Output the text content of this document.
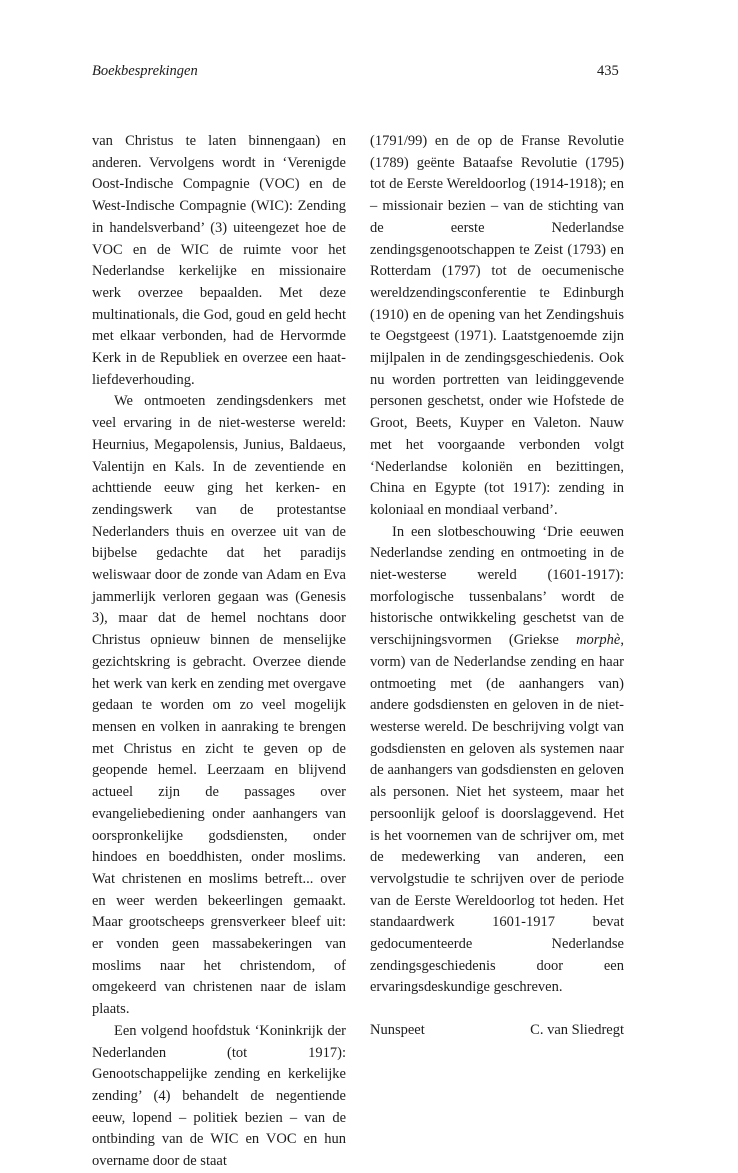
Boekbesprekingen	435

van Christus te laten binnengaan) en anderen. Vervolgens wordt in ‘Verenigde Oost-Indische Compagnie (VOC) en de West-Indische Compagnie (WIC): Zending in handelsverband’ (3) uiteengezet hoe de VOC en de WIC de ruimte voor het Nederlandse kerkelijke en missionaire werk overzee bepaalden. Met deze multinationals, die God, goud en geld hecht met elkaar verbonden, had de Hervormde Kerk in de Republiek en overzee een haat-liefdeverhouding.

We ontmoeten zendingsdenkers met veel ervaring in de niet-westerse wereld: Heurnius, Megapolensis, Junius, Baldaeus, Valentijn en Kals. In de zeventiende en achttiende eeuw ging het kerken- en zendingswerk van de protestantse Nederlanders thuis en overzee uit van de bijbelse gedachte dat het paradijs weliswaar door de zonde van Adam en Eva jammerlijk verloren gegaan was (Genesis 3), maar dat de hemel nochtans door Christus opnieuw binnen de menselijke gezichtskring is gebracht. Overzee diende het werk van kerk en zending met overgave gedaan te worden om zo veel mogelijk mensen en volken in aanraking te brengen met Christus en zicht te geven op de geopende hemel. Leerzaam en blijvend actueel zijn de passages over evangeliebediening onder aanhangers van oorspronkelijke godsdiensten, onder hindoes en boeddhisten, onder moslims. Wat christenen en moslims betreft... over en weer werden bekeerlingen gemaakt. Maar grootscheeps grensverkeer bleef uit: er vonden geen massabekeringen van moslims naar het christendom, of omgekeerd van christenen naar de islam plaats.

Een volgend hoofdstuk ‘Koninkrijk der Nederlanden (tot 1917): Genootschappelijke zending en kerkelijke zending’ (4) behandelt de negentiende eeuw, lopend – politiek bezien – van de ontbinding van de WIC en VOC en hun overname door de staat

(1791/99) en de op de Franse Revolutie (1789) geënte Bataafse Revolutie (1795) tot de Eerste Wereldoorlog (1914-1918); en – missionair bezien – van de stichting van de eerste Nederlandse zendingsgenootschappen te Zeist (1793) en Rotterdam (1797) tot de oecumenische wereldzendingsconferentie te Edinburgh (1910) en de opening van het Zendingshuis te Oegstgeest (1971). Laatstgenoemde zijn mijlpalen in de zendingsgeschiedenis. Ook nu worden portretten van leidinggevende personen geschetst, onder wie Hofstede de Groot, Beets, Kuyper en Valeton. Nauw met het voorgaande verbonden volgt ‘Nederlandse koloniën en bezittingen, China en Egypte (tot 1917): zending in koloniaal en mondiaal verband’.

In een slotbeschouwing ‘Drie eeuwen Nederlandse zending en ontmoeting in de niet-westerse wereld (1601-1917): morfologische tussenbalans’ wordt de historische ontwikkeling geschetst van de verschijningsvormen (Griekse morphè, vorm) van de Nederlandse zending en haar ontmoeting met (de aanhangers van) andere godsdiensten en geloven in de niet-westerse wereld. De beschrijving volgt van godsdiensten en geloven als systemen naar de aanhangers van godsdiensten en geloven als personen. Niet het systeem, maar het persoonlijk geloof is doorslaggevend. Het is het voornemen van de schrijver om, met de medewerking van anderen, een vervolgstudie te schrijven over de periode van de Eerste Wereldoorlog tot heden. Het standaardwerk 1601-1917 bevat gedocumenteerde Nederlandse zendingsgeschiedenis door een ervaringsdeskundige geschreven.

Nunspeet	C. van Sliedregt
